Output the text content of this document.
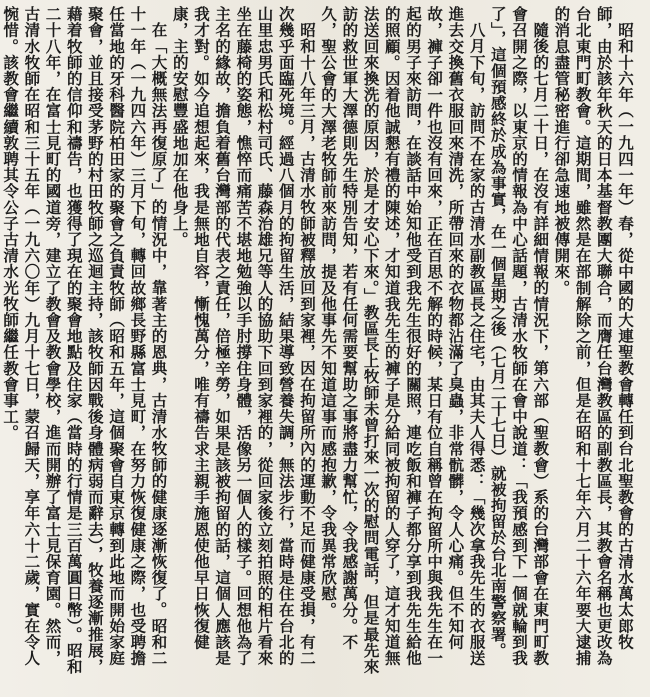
昭和十六年（一九四一年）春，從中國的大連聖教會轉任到台北聖教會的古清水萬太郎牧師，由於該年秋天的日本基督教團大聯合，而膺任台灣教區的副教區長，其教會名稱也更改為台北東門町教會。這期間，雖然是在部制解除之前，但是在昭和十七年六月二十六年要大逮捕的消息盡管秘密進行卻急速地被傳開來。

隨後的七月二十日，在沒有詳細情報的情況下，第六部（聖教會）系的台灣部會在東門町教會召開之際，以東京的情報為中心話題，古清水牧師在會中說道：「我預感到下一個就輪到我了」，這個預感終於成為事實，在一個星期之後（七月二十七日）就被拘留於台北南警察署。

八月下旬，訪問不在家的古清水副教區長之住宅，由其夫人得悉：「幾次拿我先生的衣服送進去交換舊衣服回來清洗，所帶回來的衣物都沾滿了臭蟲，非常骯髒，令人心痛。但不知何故，褲子卻一件也沒有回來，正在百思不解的時候，某日有位自稱曾在拘留所中與我先生在一起的男子來訪問，在談話中始知他受到我先生很好的關照，連吃飯和褲子都分享到我先生給他的照顧。因着他誠懇有禮的陳述，才知道我先生的褲子是分給同被拘留的人穿了，這才知道無法送回來換洗的原因，於是才安心下來。」教區長上牧師未曾打來一次的慰問電話，但是最先來訪的救世軍大澤德則先生特別告知，若有任何需要幫助之事將盡力幫忙，令我感謝萬分。不久，聖公會的大澤老牧師前來訪問，提及他事先不知道這事而感抱歉，令我異常欣慰。

昭和十八年三月，古清水牧師被釋放回到家裡，因在拘留所內的運動不足而健康受損，有二次幾乎面臨死境。經過八個月的拘留生活，結果導致營養失調，無法步行，當時是住在台北的山里忠男氏和松村司氏、藤森治雄兄等人的協助下回到家裡的，從回家後立刻拍照的相片看來坐在藤椅的姿態，憔悴而痛苦不堪地勉強以手肘撐住身體，活像另一個人的樣子。回想他為了主名的緣故，擔負着舊台灣部的代表之責任，倍極辛勞，如果是該被拘留的話，這個人應該是我才對。如今追想起來，我是無地自容，慚愧萬分，唯有禱告求主親手施恩使他早日恢復健康，主的安慰豐盛地加在他身上。

在「大概無法再復原了」的情況中，靠著主的恩典，古清水牧師的健康逐漸恢復了。昭和二十一年（一九四六年）三月下旬，轉回故鄉長野縣富士見町，在努力恢復健康之際，也受聘擔任當地的牙科醫院柏田家的聚會之負責牧師（昭和五年，這個聚會自東京轉到此地而開始家庭聚會，並且接受茅野的村田牧師之巡迴主持，該牧師因戰後身體病弱而辭去），牧養逐漸推展，藉着牧師的信仰和禱告，也獲得了現在的聚會地點及住家（當時的行情是三百萬圓日幣）。昭和二十八年，在富士見町的國道旁，建立了教會及教會學校，進而開辦了富士見保育園。然而，古清水牧師在昭和三十五年（一九六〇年）九月十七日，蒙召歸天，享年六十二歲，實在令人惋惜。該教會繼續敦聘其令公子古清水光牧師繼任教會事工。
